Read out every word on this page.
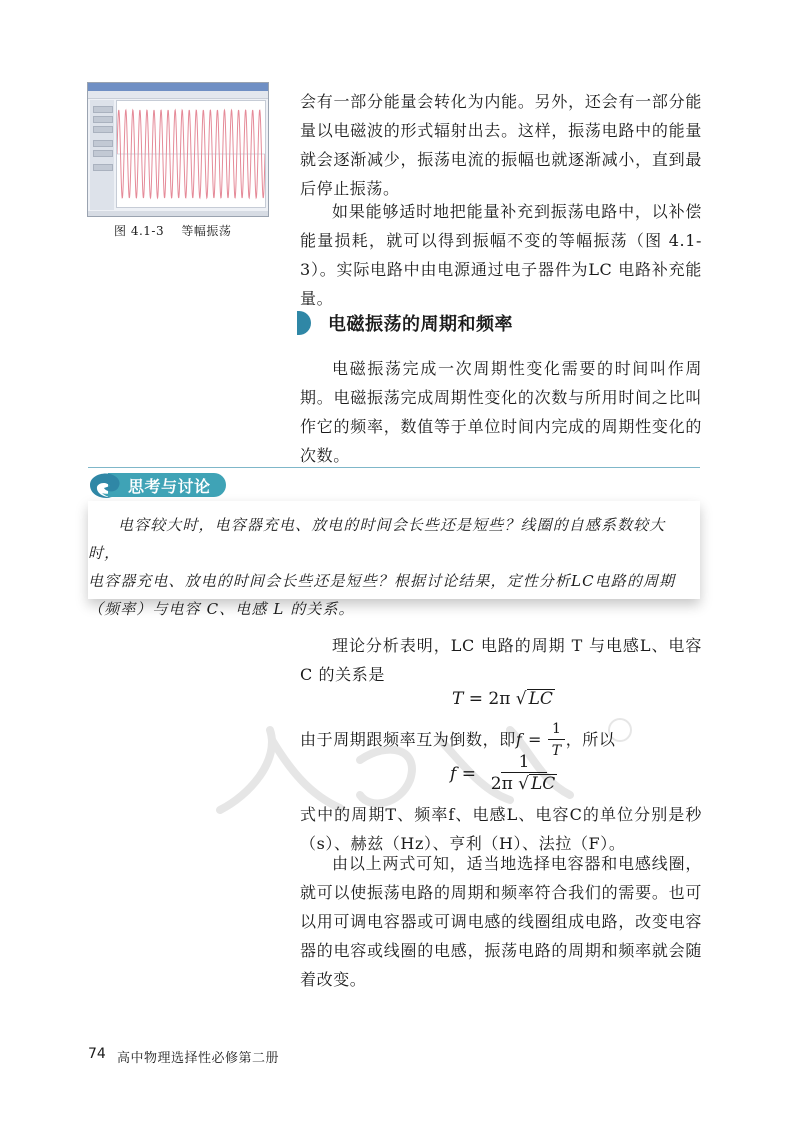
图 4.1-3 等幅振荡

会有一部分能量会转化为内能。另外，还会有一部分能量以电磁波的形式辐射出去。这样，振荡电路中的能量就会逐渐减少，振荡电流的振幅也就逐渐减小，直到最后停止振荡。

如果能够适时地把能量补充到振荡电路中，以补偿能量损耗，就可以得到振幅不变的等幅振荡（图 4.1-3）。实际电路中由电源通过电子器件为LC 电路补充能量。

电磁振荡的周期和频率

电磁振荡完成一次周期性变化需要的时间叫作周期。电磁振荡完成周期性变化的次数与所用时间之比叫作它的频率，数值等于单位时间内完成的周期性变化的次数。

思考与讨论

电容较大时，电容器充电、放电的时间会长些还是短些？线圈的自感系数较大时，
电容器充电、放电的时间会长些还是短些？根据讨论结果，定性分析LC电路的周期（频率）与电容 C、电感 L 的关系。

理论分析表明，LC 电路的周期 T 与电感L、电容C 的关系是

T = 2π √ LC

由于周期跟频率互为倒数，即$f = \frac{1}{T}$ ，所以

$f = \frac{1}{2\pi √ LC}$

式中的周期T、频率f、电感L、电容C的单位分别是秒（s）、赫兹（Hz）、亨利（H）、法拉（F）。

由以上两式可知，适当地选择电容器和电感线圈，就可以使振荡电路的周期和频率符合我们的需要。也可以用可调电容器或可调电感的线圈组成电路，改变电容器的电容或线圈的电感，振荡电路的周期和频率就会随着改变。

74 高中物理选择性必修第二册
